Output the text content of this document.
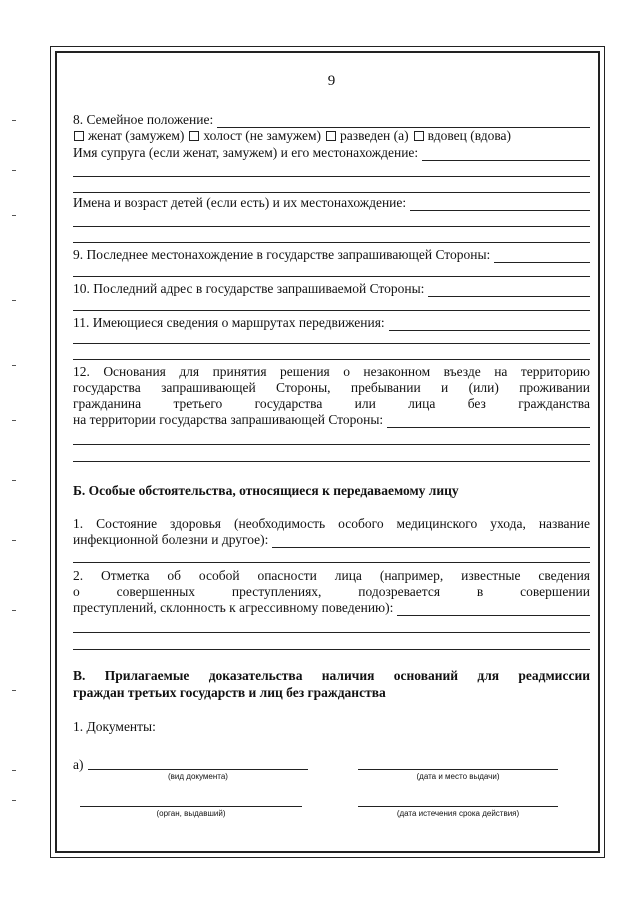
9
8. Семейное положение:
женат (замужем)	холост (не замужем)	разведен (а)	вдовец (вдова)
Имя супруга (если женат, замужем) и его местонахождение:
Имена и возраст детей (если есть) и их местонахождение:
9. Последнее местонахождение в государстве запрашивающей Стороны:
10. Последний адрес в государстве запрашиваемой Стороны:
11. Имеющиеся сведения о маршрутах передвижения:
12. Основания для принятия решения о незаконном въезде на территорию
государства запрашивающей Стороны, пребывании и (или) проживании
гражданина третьего государства или лица без гражданства
на территории государства запрашивающей Стороны:
Б. Особые обстоятельства, относящиеся к передаваемому лицу
1. Состояние здоровья (необходимость особого медицинского ухода, название
инфекционной болезни и другое):
2. Отметка об особой опасности лица (например, известные сведения
о совершенных преступлениях, подозревается в совершении
преступлений, склонность к агрессивному поведению):
В. Прилагаемые доказательства наличия оснований для реадмиссии
граждан третьих государств и лиц без гражданства
1. Документы:
а)
(вид документа)	(дата и место выдачи)
(орган, выдавший)	(дата истечения срока действия)
